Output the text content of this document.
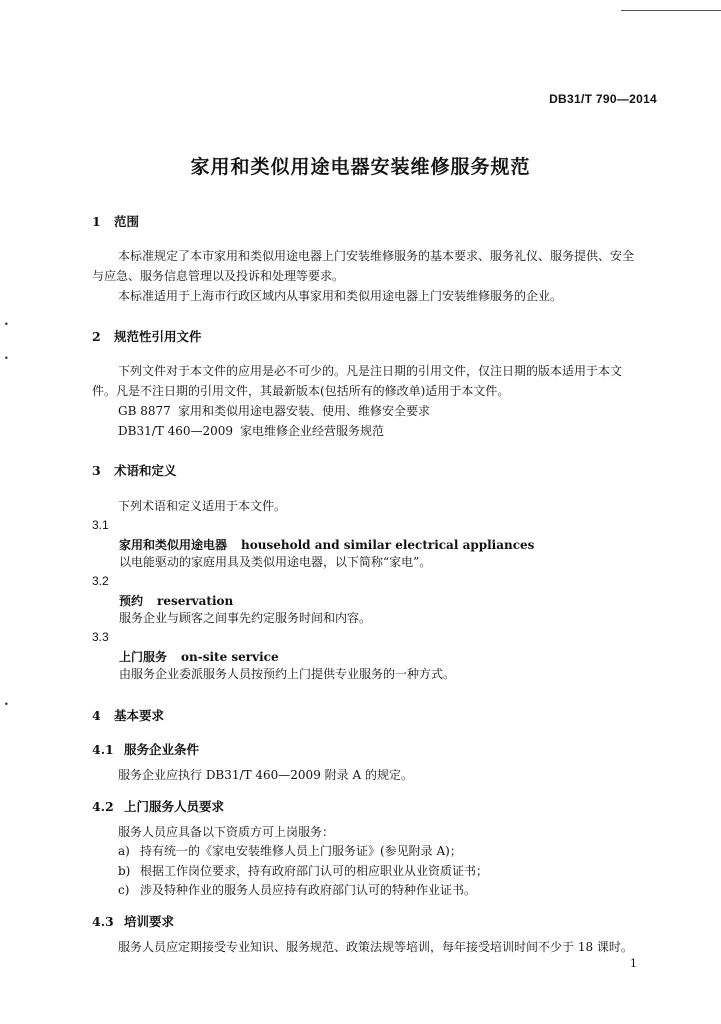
•
•
•
DB31/T 790—2014
家用和类似用途电器安装维修服务规范
1 范围
本标准规定了本市家用和类似用途电器上门安装维修服务的基本要求、服务礼仪、服务提供、安全
与应急、服务信息管理以及投诉和处理等要求。
本标准适用于上海市行政区域内从事家用和类似用途电器上门安装维修服务的企业。
2 规范性引用文件
下列文件对于本文件的应用是必不可少的。凡是注日期的引用文件，仅注日期的版本适用于本文
件。凡是不注日期的引用文件，其最新版本(包括所有的修改单)适用于本文件。
GB 8877 家用和类似用途电器安装、使用、维修安全要求
DB31/T 460—2009 家电维修企业经营服务规范
3 术语和定义
下列术语和定义适用于本文件。
3.1
家用和类似用途电器 household and similar electrical appliances
以电能驱动的家庭用具及类似用途电器，以下简称“家电”。
3.2
预约 reservation
服务企业与顾客之间事先约定服务时间和内容。
3.3
上门服务 on-site service
由服务企业委派服务人员按预约上门提供专业服务的一种方式。
4 基本要求
4.1 服务企业条件
服务企业应执行 DB31/T 460—2009 附录 A 的规定。
4.2 上门服务人员要求
服务人员应具备以下资质方可上岗服务：
a) 持有统一的《家电安装维修人员上门服务证》(参见附录 A)；
b) 根据工作岗位要求，持有政府部门认可的相应职业从业资质证书；
c) 涉及特种作业的服务人员应持有政府部门认可的特种作业证书。
4.3 培训要求
服务人员应定期接受专业知识、服务规范、政策法规等培训，每年接受培训时间不少于 18 课时。
1
